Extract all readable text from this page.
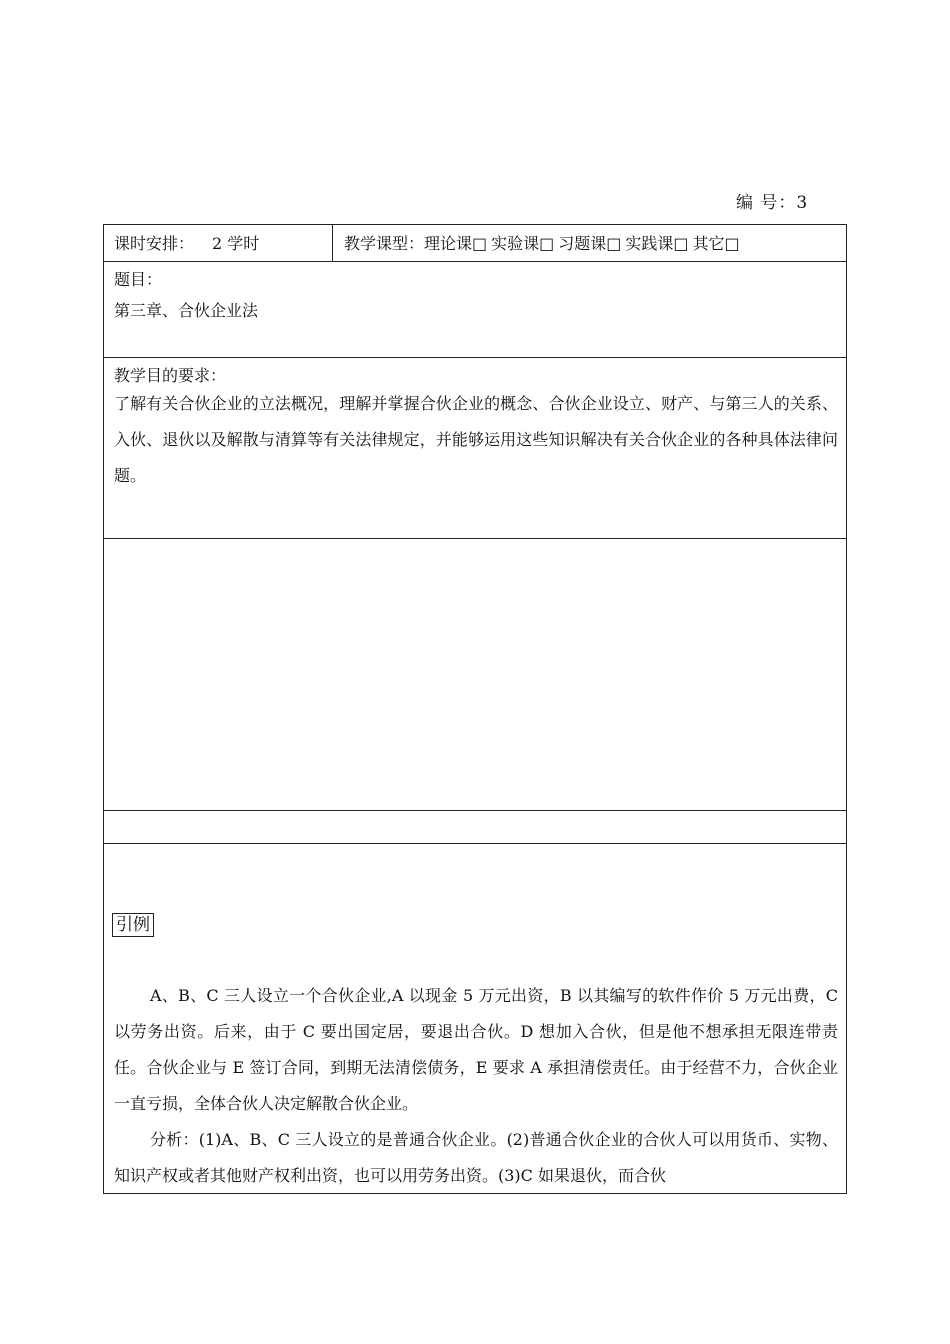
编 号：3
课时安排： 2 学时	教学课型：理论课□ 实验课□ 习题课□ 实践课□ 其它□
题目：
第三章、合伙企业法
教学目的要求：
了解有关合伙企业的立法概况，理解并掌握合伙企业的概念、合伙企业设立、财产、与第三人的关系、入伙、退伙以及解散与清算等有关法律规定，并能够运用这些知识解决有关合伙企业的各种具体法律问题。
引例
A、B、C 三人设立一个合伙企业,A 以现金 5 万元出资，B 以其编写的软件作价 5 万元出费，C 以劳务出资。后来，由于 C 要出国定居，要退出合伙。D 想加入合伙，但是他不想承担无限连带责任。合伙企业与 E 签订合同，到期无法清偿债务，E 要求 A 承担清偿责任。由于经营不力，合伙企业一直亏损，全体合伙人决定解散合伙企业。
分析：(1)A、B、C 三人设立的是普通合伙企业。(2)普通合伙企业的合伙人可以用货币、实物、知识产权或者其他财产权利出资，也可以用劳务出资。(3)C 如果退伙，而合伙
